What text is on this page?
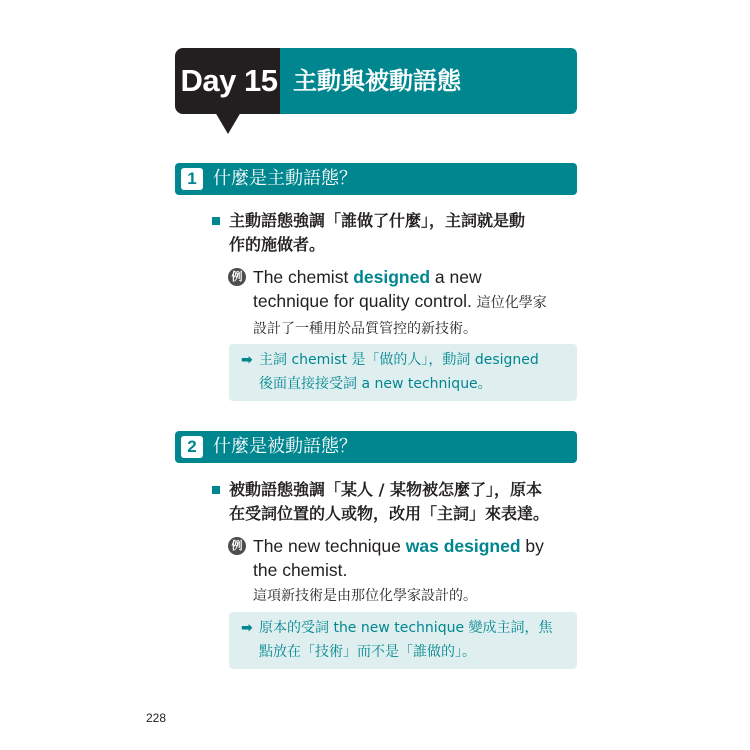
Day 15 主動與被動語態
1 什麼是主動語態？
主動語態強調「誰做了什麼」，主詞就是動
作的施做者。
例 The chemist designed a new
technique for quality control. 這位化學家
設計了一種用於品質管控的新技術。
➡ 主詞 chemist 是「做的人」，動詞 designed
後面直接接受詞 a new technique。
2 什麼是被動語態？
被動語態強調「某人 / 某物被怎麼了」，原本
在受詞位置的人或物，改用「主詞」來表達。
例 The new technique was designed by
the chemist.
這項新技術是由那位化學家設計的。
➡ 原本的受詞 the new technique 變成主詞，焦
點放在「技術」而不是「誰做的」。
228
